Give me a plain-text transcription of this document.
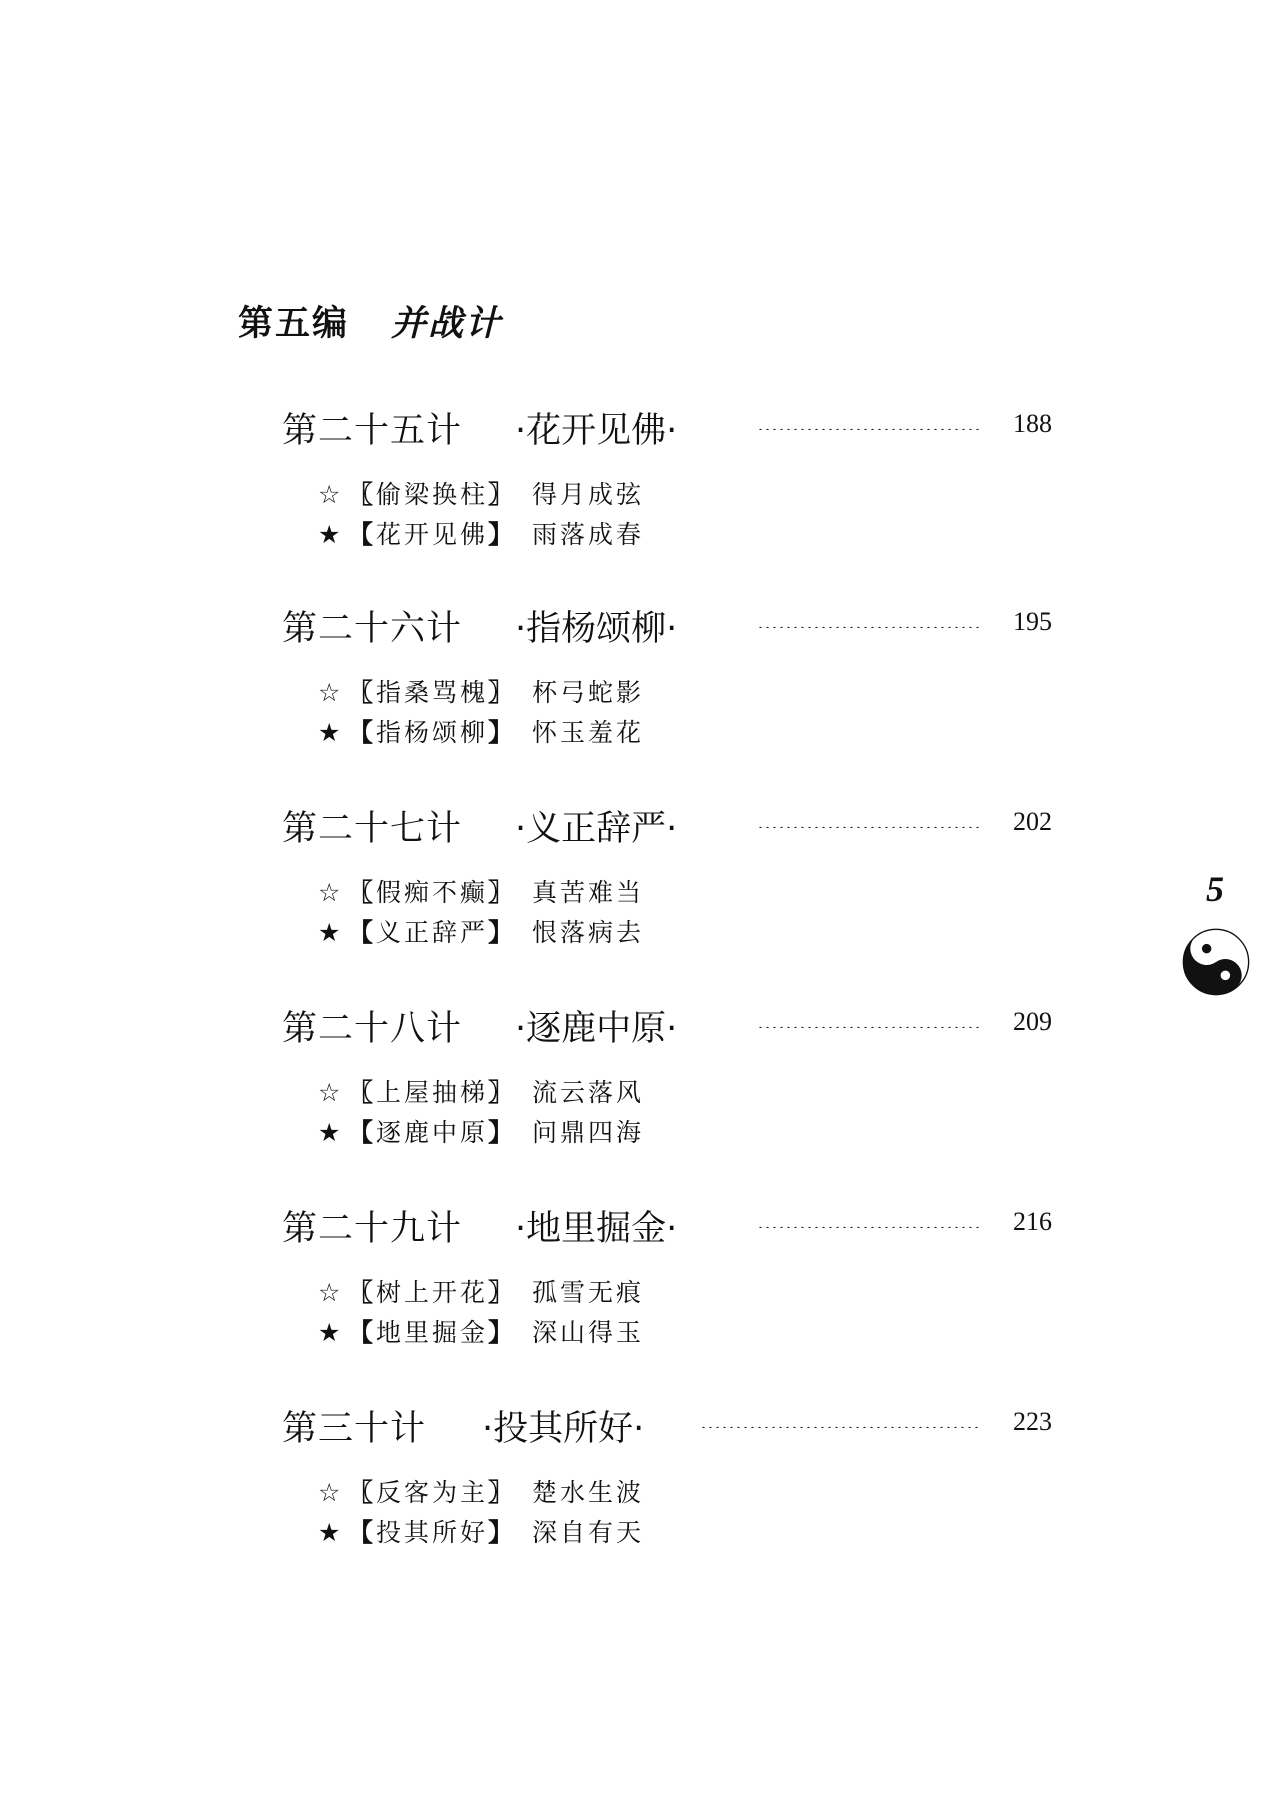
第五编 并战计
第二十五计 ·花开见佛·	188
☆ 〖偷梁换柱〗 得月成弦
★ 【花开见佛】 雨落成春
第二十六计 ·指杨颂柳·	195
☆ 〖指桑骂槐〗 杯弓蛇影
★ 【指杨颂柳】 怀玉羞花
第二十七计 ·义正辞严·	202
☆ 〖假痴不癫〗 真苦难当
★ 【义正辞严】 恨落病去
第二十八计 ·逐鹿中原·	209
☆ 〖上屋抽梯〗 流云落风
★ 【逐鹿中原】 问鼎四海
第二十九计 ·地里掘金·	216
☆ 〖树上开花〗 孤雪无痕
★ 【地里掘金】 深山得玉
第三十计 ·投其所好·	223
☆ 〖反客为主〗 楚水生波
★ 【投其所好】 深自有天
5
